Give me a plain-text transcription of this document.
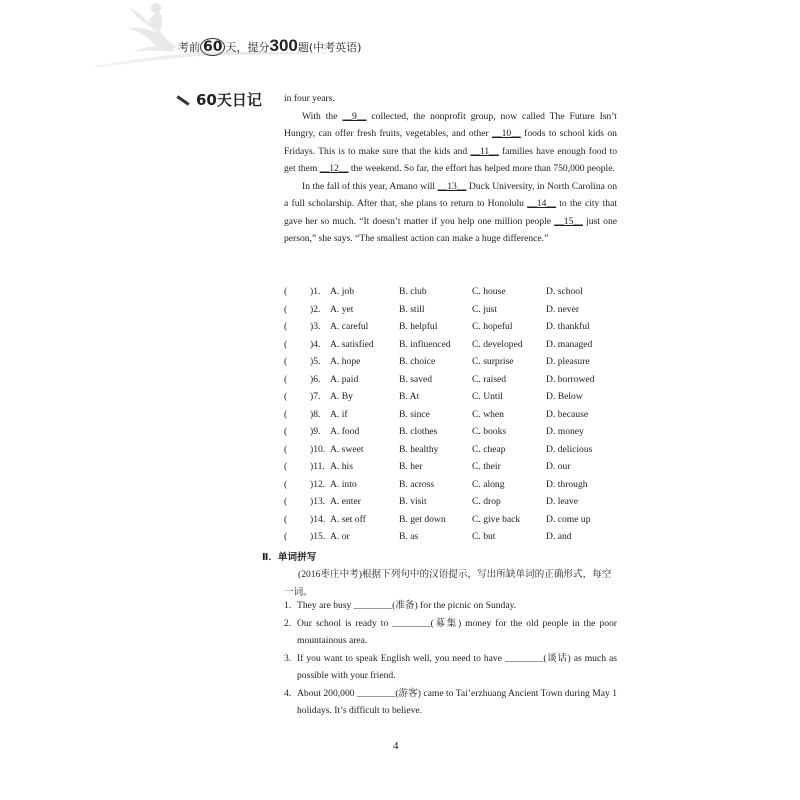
考前 60 天，提分300题(中考英语)
60天日记 in four years.

With the __9__ collected, the nonprofit group, now called The Future Isn’t Hungry, can offer fresh fruits, vegetables, and other __10__ foods to school kids on Fridays. This is to make sure that the kids and __11__ families have enough food to get them __12__ the weekend. So far, the effort has helped more than 750,000 people.

In the fall of this year, Amano will __13__ Duck University, in North Carolina on a full scholarship. After that, she plans to return to Honolulu __14__ to the city that gave her so much. “It doesn’t matter if you help one million people __15__ just one person,” she says. “The smallest action can make a huge difference.”

( )1. A. job	B. club	C. house	D. school
( )2. A. yet	B. still	C. just	D. never
( )3. A. careful	B. helpful	C. hopeful	D. thankful
( )4. A. satisfied	B. influenced C. developed D. managed
( )5. A. hope	B. choice	C. surprise	D. pleasure
( )6. A. paid	B. saved	C. raised	D. borrowed
( )7. A. By	B. At	C. Until	D. Below
( )8. A. if	B. since	C. when	D. because
( )9. A. food	B. clothes	C. books	D. money
( )10. A. sweet	B. healthy	C. cheap	D. delicious
( )11. A. his	B. her	C. their	D. our
( )12. A. into	B. across	C. along	D. through
( )13. A. enter	B. visit	C. drop	D. leave
( )14. A. set off	B. get down	C. give back	D. come up
( )15. A. or	B. as	C. but	D. and
Ⅱ．单词拼写

(2016枣庄中考)根据下列句中的汉语提示，写出所缺单词的正确形式，每空一词。

1. They are busy ________(准备) for the picnic on Sunday.
2. Our school is ready to ________(募集) money for the old people in the poor mountainous area.
3. If you want to speak English well, you need to have ________(谈话) as much as possible with your friend.
4. About 200,000 ________(游客) came to Tai’erzhuang Ancient Town during May 1 holidays. It’s difficult to believe.
4
